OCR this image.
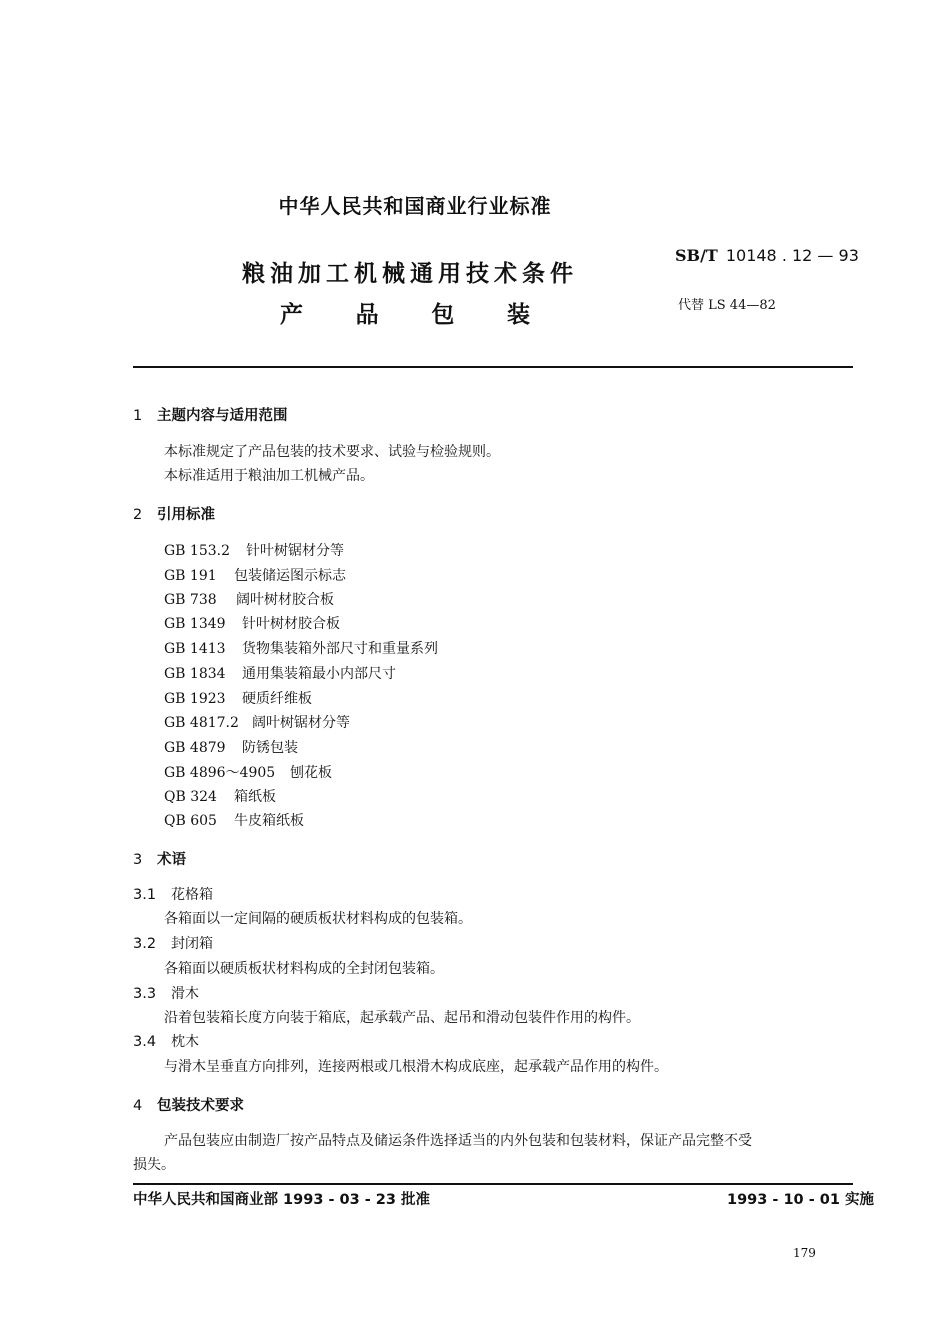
中华人民共和国商业行业标准
粮油加工机械通用技术条件
产 品 包 装
SB/T 10148 . 12 — 93
代替 LS 44—82
1 主题内容与适用范围
本标准规定了产品包装的技术要求、试验与检验规则。
本标准适用于粮油加工机械产品。
2 引用标准
GB 153.2 针叶树锯材分等
GB 191 包装储运图示标志
GB 738 阔叶树材胶合板
GB 1349 针叶树材胶合板
GB 1413 货物集装箱外部尺寸和重量系列
GB 1834 通用集装箱最小内部尺寸
GB 1923 硬质纤维板
GB 4817.2 阔叶树锯材分等
GB 4879 防锈包装
GB 4896～4905 刨花板
QB 324 箱纸板
QB 605 牛皮箱纸板
3 术语
3.1 花格箱
各箱面以一定间隔的硬质板状材料构成的包装箱。
3.2 封闭箱
各箱面以硬质板状材料构成的全封闭包装箱。
3.3 滑木
沿着包装箱长度方向装于箱底，起承载产品、起吊和滑动包装件作用的构件。
3.4 枕木
与滑木呈垂直方向排列，连接两根或几根滑木构成底座，起承载产品作用的构件。
4 包装技术要求
产品包装应由制造厂按产品特点及储运条件选择适当的内外包装和包装材料，保证产品完整不受
损失。
中华人民共和国商业部 1993 - 03 - 23 批准	1993 - 10 - 01 实施
179
